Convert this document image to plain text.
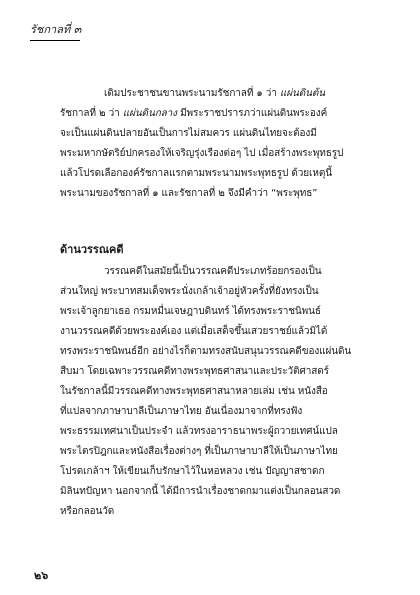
รัชกาลที่ ๓
เดิมประชาชนขานพระนามรัชกาลที่ ๑ ว่า แผ่นดินต้น
รัชกาลที่ ๒ ว่า แผ่นดินกลาง มีพระราชปรารภว่าแผ่นดินพระองค์
จะเป็นแผ่นดินปลายอันเป็นการไม่สมควร แผ่นดินไทยจะต้องมี
พระมหากษัตริย์ปกครองให้เจริญรุ่งเรืองต่อๆ ไป เมื่อสร้างพระพุทธรูป
แล้วโปรดเลือกองค์รัชกาลแรกตามพระนามพระพุทธรูป ด้วยเหตุนี้
พระนามของรัชกาลที่ ๑ และรัชกาลที่ ๒ จึงมีคำว่า “พระพุทธ”
ด้านวรรณคดี
วรรณคดีในสมัยนี้เป็นวรรณคดีประเภทร้อยกรองเป็น
ส่วนใหญ่ พระบาทสมเด็จพระนั่งเกล้าเจ้าอยู่หัวครั้งที่ยังทรงเป็น
พระเจ้าลูกยาเธอ กรมหมื่นเจษฎาบดินทร์ ได้ทรงพระราชนิพนธ์
งานวรรณคดีด้วยพระองค์เอง แต่เมื่อเสด็จขึ้นเสวยราชย์แล้วมิได้
ทรงพระราชนิพนธ์อีก อย่างไรก็ตามทรงสนับสนุนวรรณคดีของแผ่นดิน
สืบมา โดยเฉพาะวรรณคดีทางพระพุทธศาสนาและประวัติศาสตร์
ในรัชกาลนี้มีวรรณคดีทางพระพุทธศาสนาหลายเล่ม เช่น หนังสือ
ที่แปลจากภาษาบาลีเป็นภาษาไทย อันเนื่องมาจากที่ทรงฟัง
พระธรรมเทศนาเป็นประจำ แล้วทรงอาราธนาพระผู้ถวายเทศน์แปล
พระไตรปิฎกและหนังสือเรื่องต่างๆ ที่เป็นภาษาบาลีให้เป็นภาษาไทย
โปรดเกล้าฯ ให้เขียนเก็บรักษาไว้ในหอหลวง เช่น ปัญญาสชาดก
มิลินทปัญหา นอกจากนี้ ได้มีการนำเรื่องชาดกมาแต่งเป็นกลอนสวด
หรือกลอนวัด
๒๖
